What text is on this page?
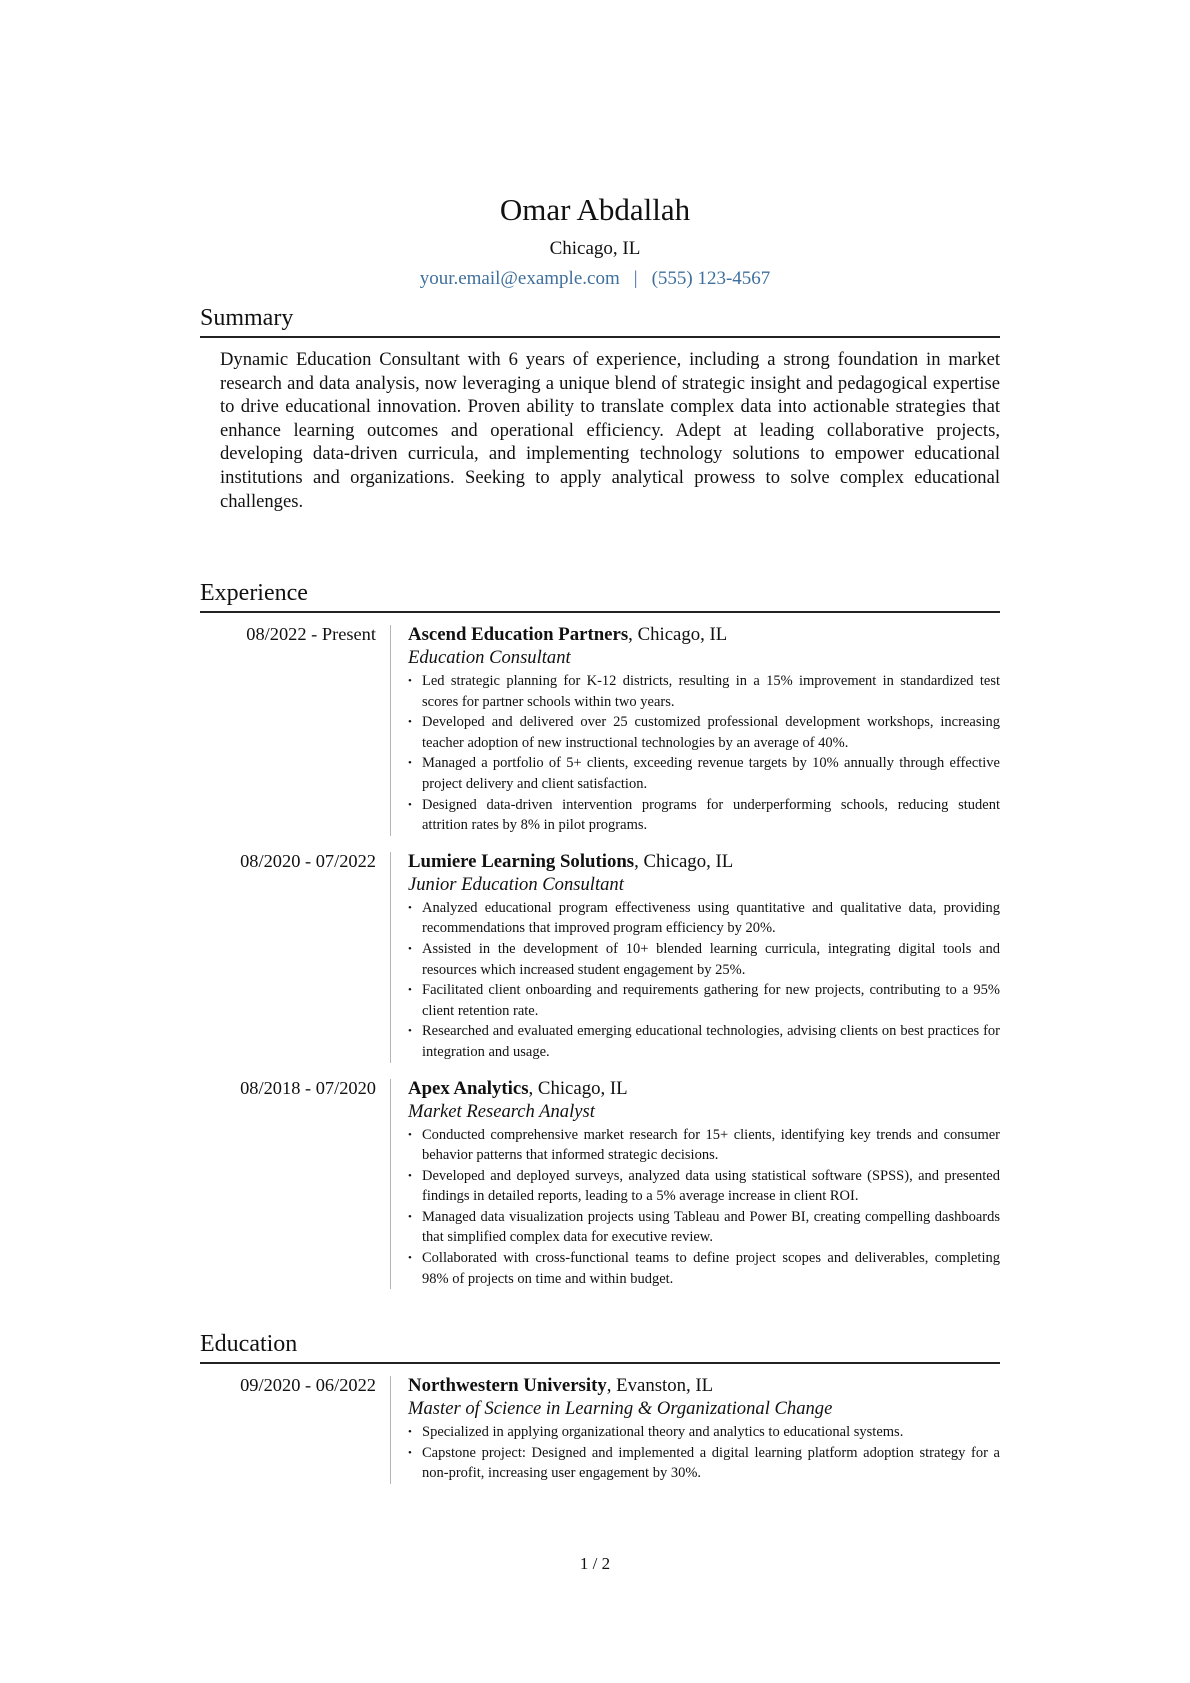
Omar Abdallah
Chicago, IL
your.email@example.com | (555) 123-4567
Summary

Dynamic Education Consultant with 6 years of experience, including a strong foundation in market research and data analysis, now leveraging a unique blend of strategic insight and pedagogical expertise to drive educational innovation. Proven ability to translate complex data into actionable strategies that enhance learning outcomes and operational efficiency. Adept at leading collaborative projects, developing data-driven curricula, and implementing technology solutions to empower educational institutions and organizations. Seeking to apply analytical prowess to solve complex educational challenges.

Experience
08/2022 - Present Ascend Education Partners, Chicago, IL
Education Consultant
• Led strategic planning for K-12 districts, resulting in a 15% improvement in standardized test scores for partner schools within two years.
• Developed and delivered over 25 customized professional development workshops, increasing teacher adoption of new instructional technologies by an average of 40%.
• Managed a portfolio of 5+ clients, exceeding revenue targets by 10% annually through effective project delivery and client satisfaction.
• Designed data-driven intervention programs for underperforming schools, reducing student attrition rates by 8% in pilot programs.
08/2020 - 07/2022 Lumiere Learning Solutions, Chicago, IL
Junior Education Consultant
• Analyzed educational program effectiveness using quantitative and qualitative data, providing recommendations that improved program efficiency by 20%.
• Assisted in the development of 10+ blended learning curricula, integrating digital tools and resources which increased student engagement by 25%.
• Facilitated client onboarding and requirements gathering for new projects, contributing to a 95% client retention rate.
• Researched and evaluated emerging educational technologies, advising clients on best practices for integration and usage.
08/2018 - 07/2020 Apex Analytics, Chicago, IL
Market Research Analyst
• Conducted comprehensive market research for 15+ clients, identifying key trends and consumer behavior patterns that informed strategic decisions.
• Developed and deployed surveys, analyzed data using statistical software (SPSS), and presented findings in detailed reports, leading to a 5% average increase in client ROI.
• Managed data visualization projects using Tableau and Power BI, creating compelling dashboards that simplified complex data for executive review.
• Collaborated with cross-functional teams to define project scopes and deliverables, completing 98% of projects on time and within budget.
Education
09/2020 - 06/2022 Northwestern University, Evanston, IL
Master of Science in Learning & Organizational Change
• Specialized in applying organizational theory and analytics to educational systems.
• Capstone project: Designed and implemented a digital learning platform adoption strategy for a non-profit, increasing user engagement by 30%.
1 / 2
